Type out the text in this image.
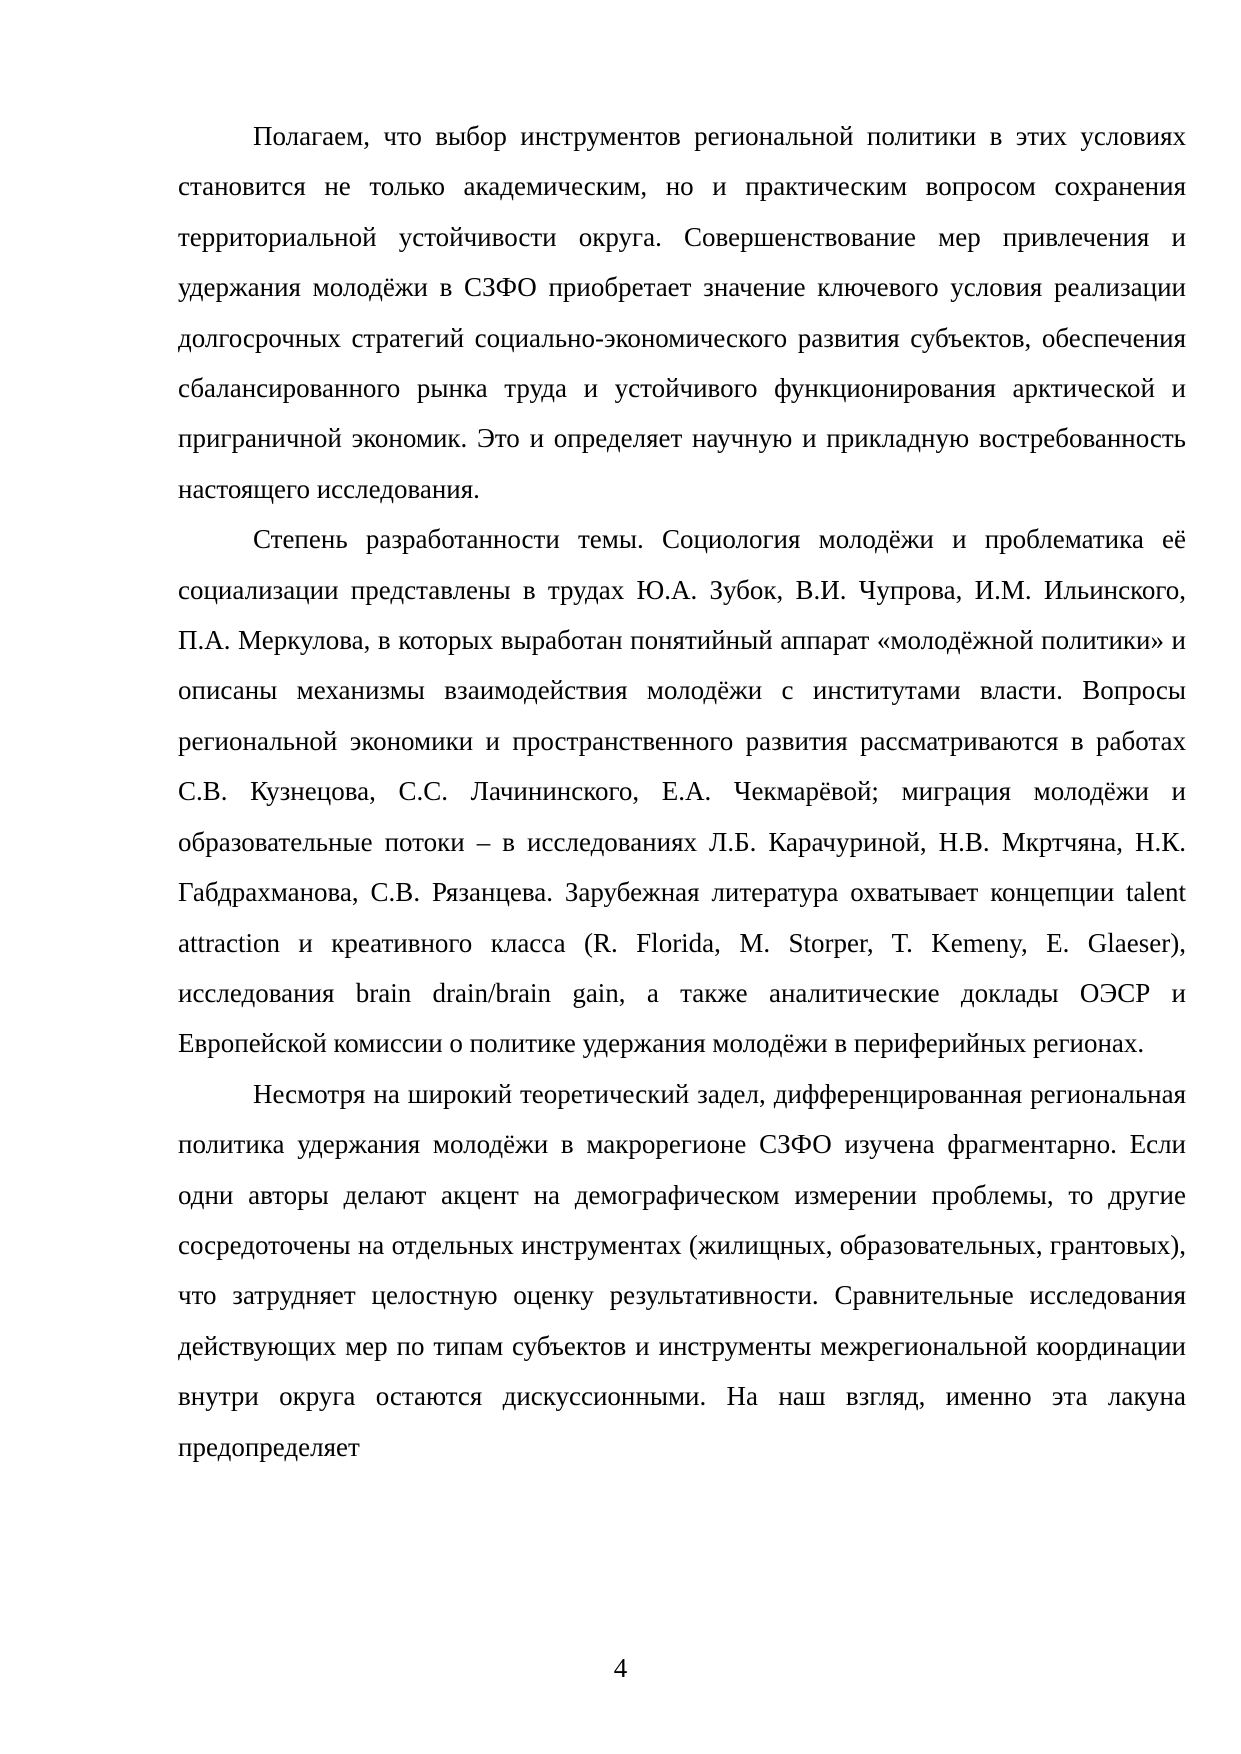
Полагаем, что выбор инструментов региональной политики в этих условиях становится не только академическим, но и практическим вопросом сохранения территориальной устойчивости округа. Совершенствование мер привлечения и удержания молодёжи в СЗФО приобретает значение ключевого условия реализации долгосрочных стратегий социально-экономического развития субъектов, обеспечения сбалансированного рынка труда и устойчивого функционирования арктической и приграничной экономик. Это и определяет научную и прикладную востребованность настоящего исследования.

Степень разработанности темы. Социология молодёжи и проблематика её социализации представлены в трудах Ю.А. Зубок, В.И. Чупрова, И.М. Ильинского, П.А. Меркулова, в которых выработан понятийный аппарат «молодёжной политики» и описаны механизмы взаимодействия молодёжи с институтами власти. Вопросы региональной экономики и пространственного развития рассматриваются в работах С.В. Кузнецова, С.С. Лачининского, Е.А. Чекмарёвой; миграция молодёжи и образовательные потоки – в исследованиях Л.Б. Карачуриной, Н.В. Мкртчяна, Н.К. Габдрахманова, С.В. Рязанцева. Зарубежная литература охватывает концепции talent attraction и креативного класса (R. Florida, M. Storper, T. Kemeny, E. Glaeser), исследования brain drain/brain gain, а также аналитические доклады ОЭСР и Европейской комиссии о политике удержания молодёжи в периферийных регионах.

Несмотря на широкий теоретический задел, дифференцированная региональная политика удержания молодёжи в макрорегионе СЗФО изучена фрагментарно. Если одни авторы делают акцент на демографическом измерении проблемы, то другие сосредоточены на отдельных инструментах (жилищных, образовательных, грантовых), что затрудняет целостную оценку результативности. Сравнительные исследования действующих мер по типам субъектов и инструменты межрегиональной координации внутри округа остаются дискуссионными. На наш взгляд, именно эта лакуна предопределяет

4
